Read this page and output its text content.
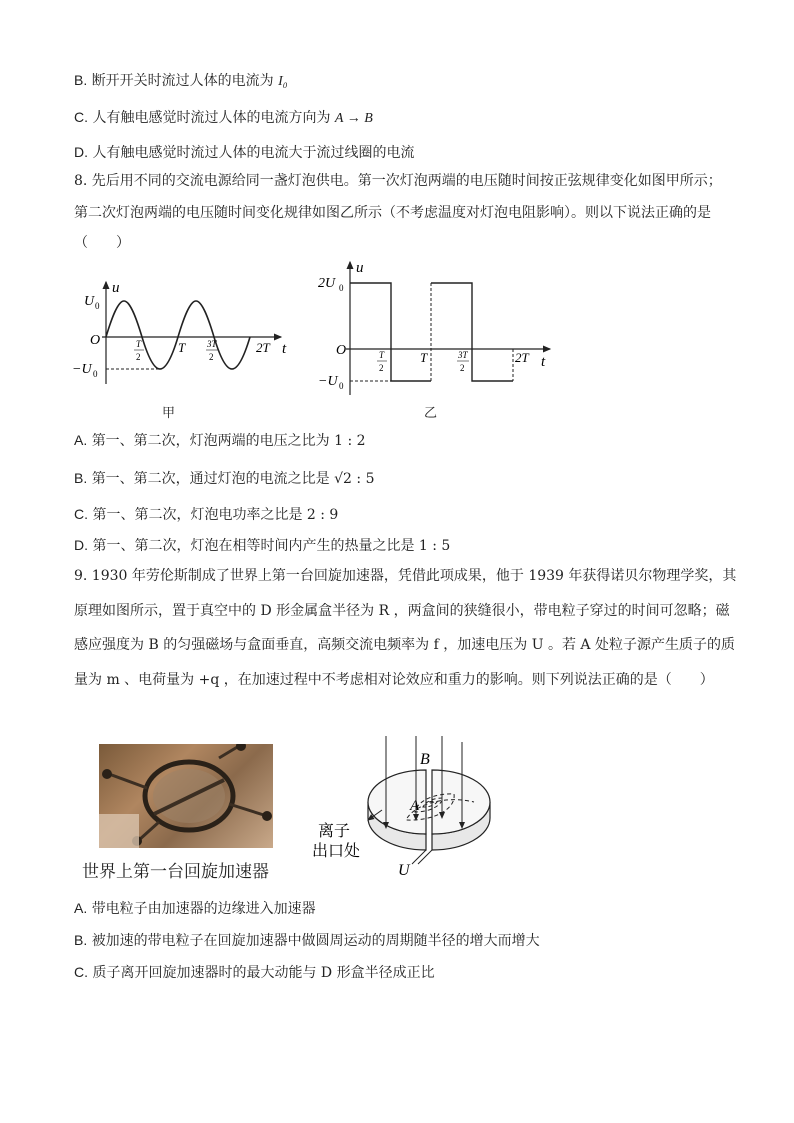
B. 断开开关时流过人体的电流为 I₀
C. 人有触电感觉时流过人体的电流方向为 A → B
D. 人有触电感觉时流过人体的电流大于流过线圈的电流
8. 先后用不同的交流电源给同一盏灯泡供电。第一次灯泡两端的电压随时间按正弦规律变化如图甲所示；
第二次灯泡两端的电压随时间变化规律如图乙所示（不考虑温度对灯泡电阻影响）。则以下说法正确的是
（　　）
u
t
O
U 0
−U 0
T
2
T 3T
2
2T
甲
u
t
O
2U 0
−U 0
T
2
T	3T
2
2T
乙
A. 第一、第二次，灯泡两端的电压之比为 1 : 2
B. 第一、第二次，通过灯泡的电流之比是 √2 : 5
C. 第一、第二次，灯泡电功率之比是 2 : 9
D. 第一、第二次，灯泡在相等时间内产生的热量之比是 1 : 5
9. 1930 年劳伦斯制成了世界上第一台回旋加速器，凭借此项成果，他于 1939 年获得诺贝尔物理学奖，其
原理如图所示，置于真空中的 D 形金属盒半径为 R ，两盒间的狭缝很小，带电粒子穿过的时间可忽略；磁
感应强度为 B 的匀强磁场与盒面垂直，高频交流电频率为 f ，加速电压为 U 。若 A 处粒子源产生质子的质
量为 m 、电荷量为 +q ，在加速过程中不考虑相对论效应和重力的影响。则下列说法正确的是（　　）
世界上第一台回旋加速器
B
A
U
离子
出口处
A. 带电粒子由加速器的边缘进入加速器
B. 被加速的带电粒子在回旋加速器中做圆周运动的周期随半径的增大而增大
C. 质子离开回旋加速器时的最大动能与 D 形盒半径成正比
